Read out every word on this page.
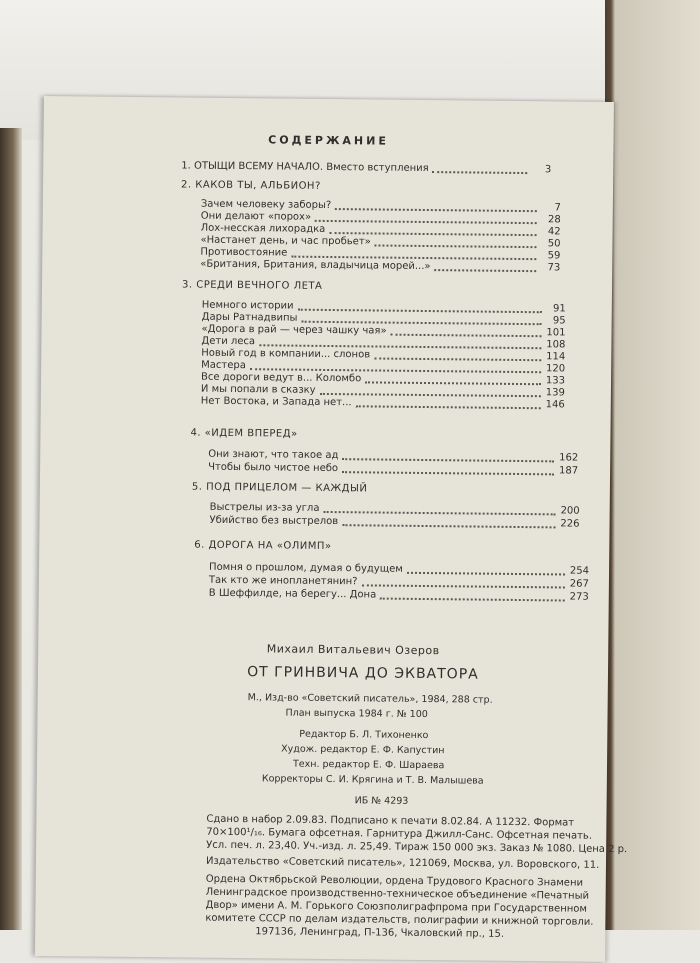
СОДЕРЖАНИЕ
1. ОТЫЩИ ВСЕМУ НАЧАЛО. Вместо вступления	3
2. КАКОВ ТЫ, АЛЬБИОН?
Зачем человеку заборы?	7
Они делают «порох»	28
Лох-несская лихорадка	42
«Настанет день, и час пробьет»	50
Противостояние	59
«Британия, Британия, владычица морей...»	73
3. СРЕДИ ВЕЧНОГО ЛЕТА
Немного истории	91
Дары Ратнадвипы	95
«Дорога в рай — через чашку чая»	101
Дети леса	108
Новый год в компании... слонов	114
Мастера	120
Все дороги ведут в... Коломбо	133
И мы попали в сказку	139
Нет Востока, и Запада нет...	146
4. «ИДЕМ ВПЕРЕД»
Они знают, что такое ад	162
Чтобы было чистое небо	187
5. ПОД ПРИЦЕЛОМ — КАЖДЫЙ
Выстрелы из-за угла	200
Убийство без выстрелов	226
6. ДОРОГА НА «ОЛИМП»
Помня о прошлом, думая о будущем	254
Так кто же инопланетянин?	267
В Шеффилде, на берегу... Дона	273
Михаил Витальевич Озеров
ОТ ГРИНВИЧА ДО ЭКВАТОРА
М., Изд-во «Советский писатель», 1984, 288 стр.
План выпуска 1984 г. № 100
Редактор Б. Л. Тихоненко
Худож. редактор Е. Ф. Капустин
Техн. редактор Е. Ф. Шараева
Корректоры С. И. Крягина и Т. В. Малышева
ИБ № 4293
Сдано в набор 2.09.83. Подписано к печати 8.02.84. А 11232. Формат
70×100¹/₁₆. Бумага офсетная. Гарнитура Джилл-Санс. Офсетная печать.
Усл. печ. л. 23,40. Уч.-изд. л. 25,49. Тираж 150 000 экз. Заказ № 1080. Цена 2 р.
Издательство «Советский писатель», 121069, Москва, ул. Воровского, 11.
Ордена Октябрьской Революции, ордена Трудового Красного Знамени
Ленинградское производственно-техническое объединение «Печатный
Двор» имени А. М. Горького Союзполиграфпрома при Государственном
комитете СССР по делам издательств, полиграфии и книжной торговли.
197136, Ленинград, П-136, Чкаловский пр., 15.
